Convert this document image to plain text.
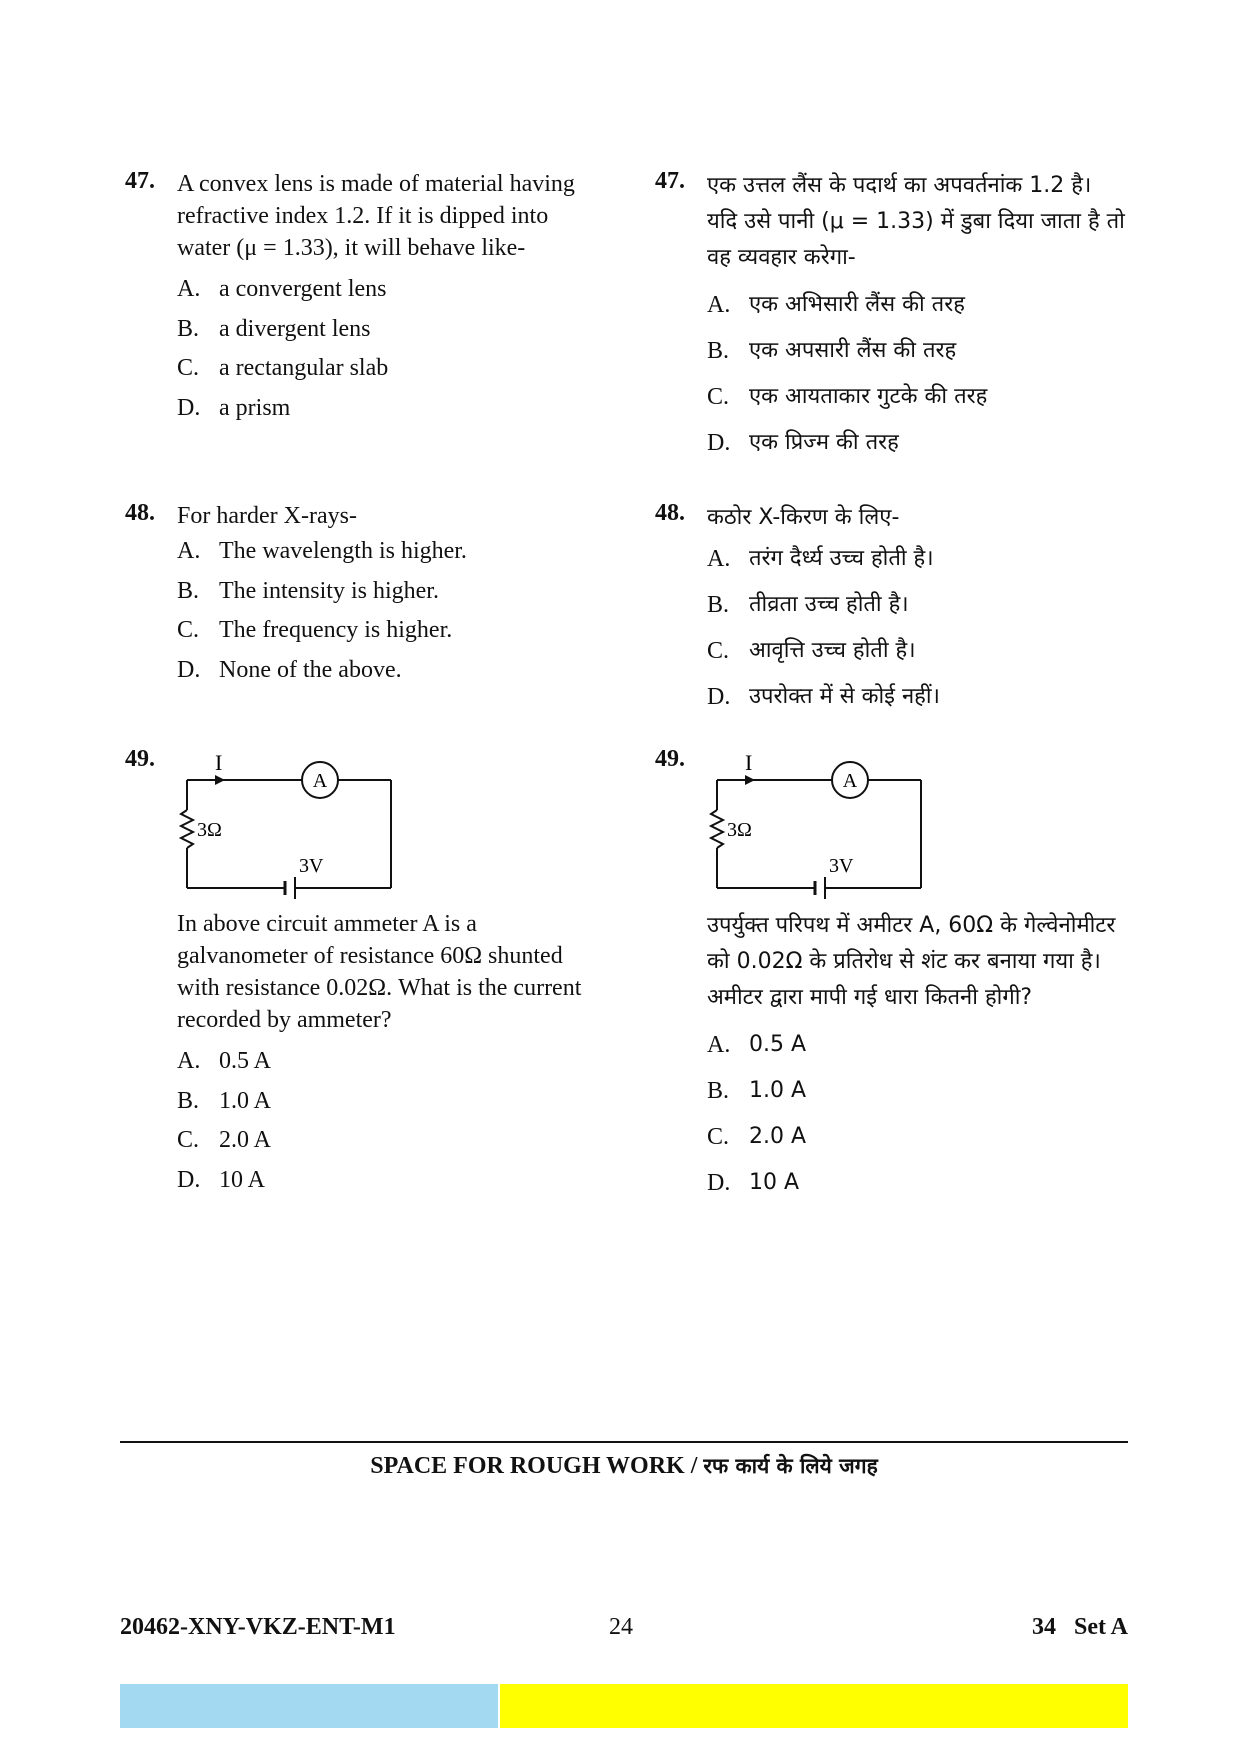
47. A convex lens is made of material having refractive index 1.2. If it is dipped into water (μ = 1.33), it will behave like-
A. a convergent lens
B. a divergent lens
C. a rectangular slab
D. a prism
48. For harder X-rays-
A. The wavelength is higher.
B. The intensity is higher.
C. The frequency is higher.
D. None of the above.
49.	I
A
3V
3Ω
In above circuit ammeter A is a galvanometer of resistance 60Ω shunted with resistance 0.02Ω. What is the current recorded by ammeter?
A. 0.5 A
B. 1.0 A
C. 2.0 A
D. 10 A
47. एक उत्तल लैंस के पदार्थ का अपवर्तनांक 1.2 है। यदि उसे पानी (μ = 1.33) में डुबा दिया जाता है तो वह व्यवहार करेगा-
A. एक अभिसारी लैंस की तरह
B. एक अपसारी लैंस की तरह
C. एक आयताकार गुटके की तरह
D. एक प्रिज्म की तरह
48. कठोर X-किरण के लिए-
A. तरंग दैर्ध्य उच्च होती है।
B. तीव्रता उच्च होती है।
C. आवृत्ति उच्च होती है।
D. उपरोक्त में से कोई नहीं।
49.	I
A
3V
3Ω
उपर्युक्त परिपथ में अमीटर A, 60Ω के गेल्वेनोमीटर को 0.02Ω के प्रतिरोध से शंट कर बनाया गया है। अमीटर द्वारा मापी गई धारा कितनी होगी?
A. 0.5 A
B. 1.0 A
C. 2.0 A
D. 10 A
SPACE FOR ROUGH WORK / रफ कार्य के लिये जगह
20462-XNY-VKZ-ENT-M1	24	34   Set A
